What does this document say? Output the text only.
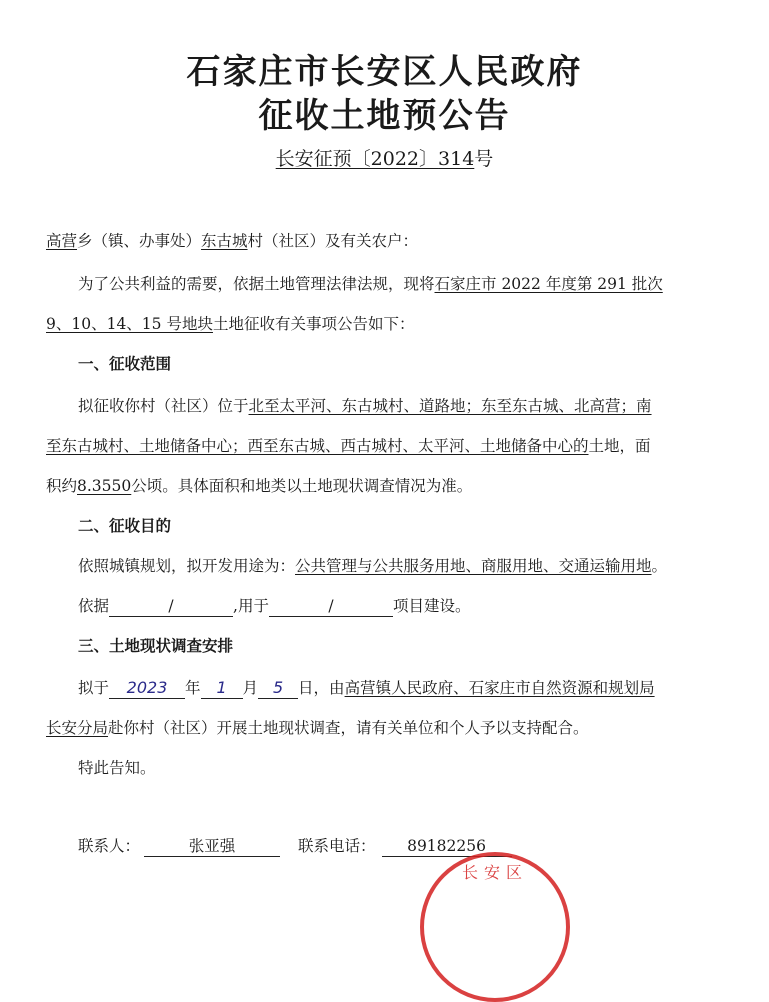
石家庄市长安区人民政府
征收土地预公告
长安征预〔2022〕314号
高营乡（镇、办事处）东古城村（社区）及有关农户：
为了公共利益的需要，依据土地管理法律法规，现将石家庄市 2022 年度第 291 批次
9、10、14、15 号地块土地征收有关事项公告如下：
一、征收范围
拟征收你村（社区）位于北至太平河、东古城村、道路地；东至东古城、北高营；南
至东古城村、土地储备中心；西至东古城、西古城村、太平河、土地储备中心的土地，面
积约8.3550公顷。具体面积和地类以土地现状调查情况为准。
二、征收目的
依照城镇规划，拟开发用途为：公共管理与公共服务用地、商服用地、交通运输用地。
依据	/	,用于	/	项目建设。
三、土地现状调查安排
拟于 2023 年 1 月 5 日，由高营镇人民政府、石家庄市自然资源和规划局
长安分局赴你村（社区）开展土地现状调查，请有关单位和个人予以支持配合。
特此告知。
联系人：	张亚强	联系电话： 89182256
长安区
